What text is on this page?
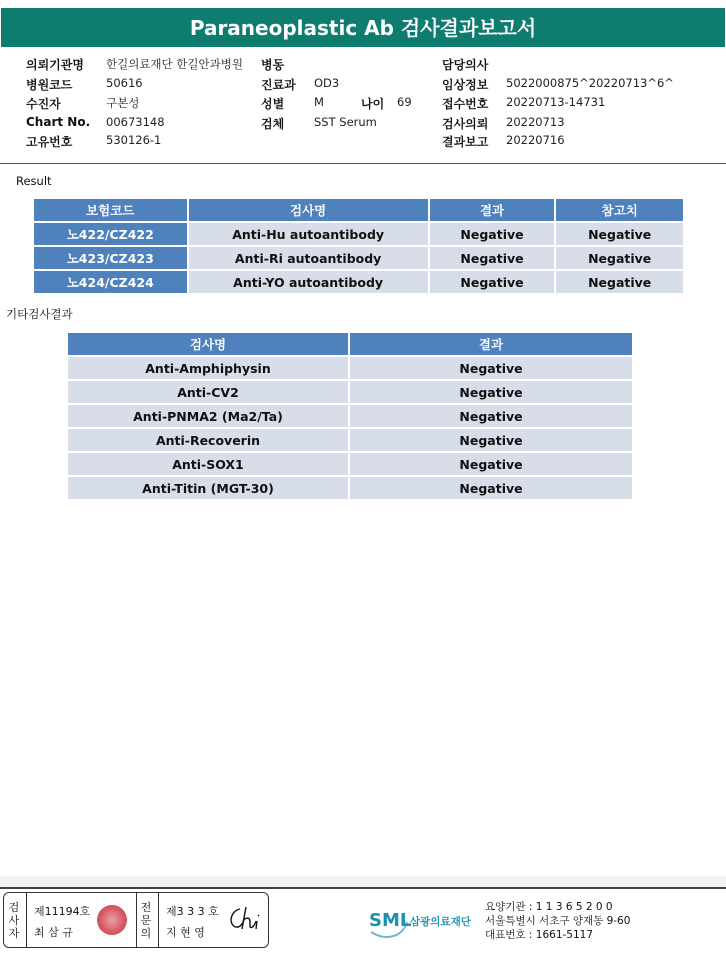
Paraneoplastic Ab 검사결과보고서
의뢰기관명 한길의료재단 한길안과병원 병동	담당의사
병원코드	50616	진료과 OD3	임상정보 5022000875^20220713^6^
수진자	구본성	성별	M	나이 69	접수번호 20220713-14731
Chart No. 00673148	검체	SST Serum	검사의뢰 20220713
고유번호	530126-1	결과보고 20220716
Result
보험코드	검사명	결과	참고치
노422/CZ422	Anti-Hu autoantibody	Negative	Negative
노423/CZ423	Anti-Ri autoantibody	Negative	Negative
노424/CZ424	Anti-YO autoantibody	Negative	Negative
기타검사결과
검사명	결과
Anti-Amphiphysin	Negative
Anti-CV2	Negative
Anti-PNMA2 (Ma2/Ta)	Negative
Anti-Recoverin	Negative
Anti-SOX1	Negative
Anti-Titin (MGT-30)	Negative
검
사
자
제11194호
최 삼 규
전
문
의
제3 3 3 호
지 현 영
SML
삼광의료재단
요양기관 : 1 1 3 6 5 2 0 0
서울특별시 서초구 양재동 9-60
대표번호 : 1661-5117
